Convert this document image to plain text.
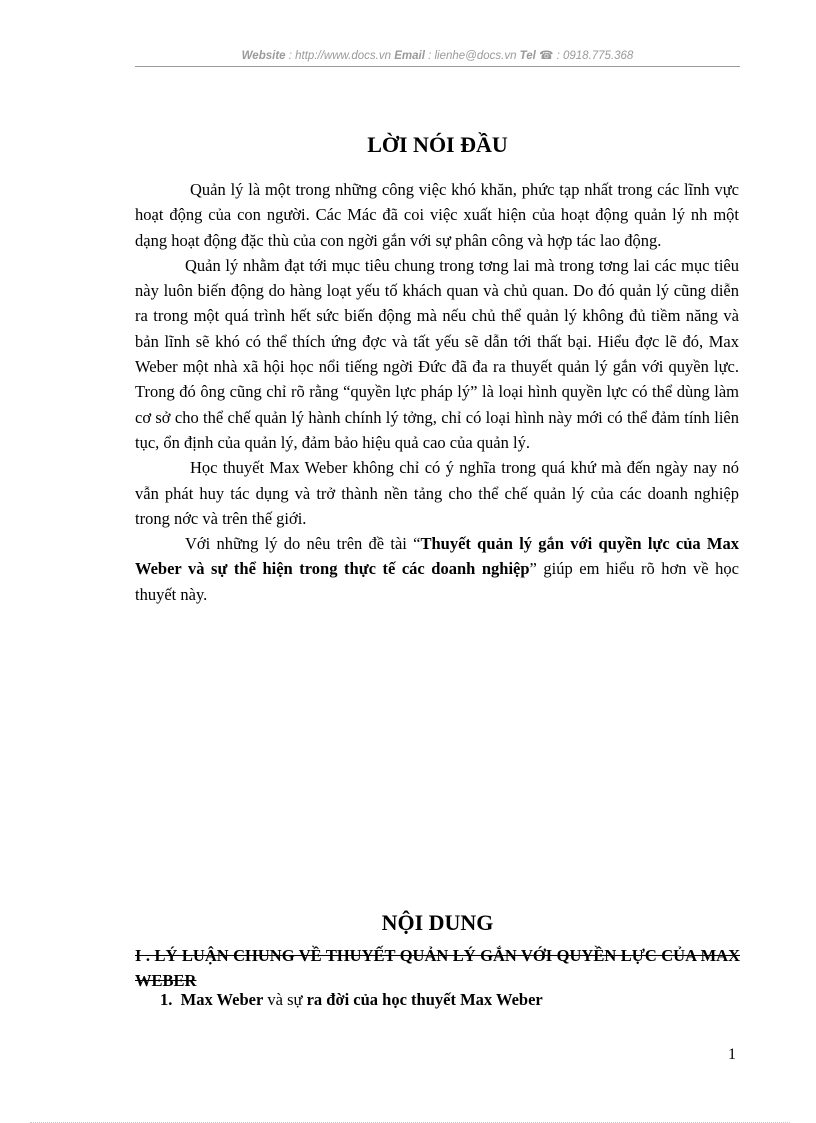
Website : http://www.docs.vn Email : lienhe@docs.vn Tel ☎ : 0918.775.368
LỜI NÓI ĐẦU

Quản lý là một trong những công việc khó khăn, phức tạp nhất trong các lĩnh vực hoạt động của con người. Các Mác đã coi việc xuất hiện của hoạt động quản lý nh một dạng hoạt động đặc thù của con ngời gắn với sự phân công và hợp tác lao động.

Quản lý nhằm đạt tới mục tiêu chung trong tơng lai mà trong tơng lai các mục tiêu này luôn biến động do hàng loạt yếu tố khách quan và chủ quan. Do đó quản lý cũng diễn ra trong một quá trình hết sức biến động mà nếu chủ thể quản lý không đủ tiềm năng và bản lĩnh sẽ khó có thể thích ứng đợc và tất yếu sẽ dẫn tới thất bại. Hiểu đợc lẽ đó, Max Weber một nhà xã hội học nổi tiếng ngời Đức đã đa ra thuyết quản lý gắn với quyền lực. Trong đó ông cũng chỉ rõ rằng “quyền lực pháp lý” là loại hình quyền lực có thể dùng làm cơ sở cho thể chế quản lý hành chính lý tởng, chỉ có loại hình này mới có thể đảm tính liên tục, ổn định của quản lý, đảm bảo hiệu quả cao của quản lý.

Học thuyết Max Weber không chỉ có ý nghĩa trong quá khứ mà đến ngày nay nó vẫn phát huy tác dụng và trở thành nền tảng cho thể chế quản lý của các doanh nghiệp trong nớc và trên thế giới.

Với những lý do nêu trên đề tài “Thuyết quản lý gắn với quyền lực của Max Weber và sự thể hiện trong thực tế các doanh nghiệp” giúp em hiểu rõ hơn về học thuyết này.

NỘI DUNG
I . LÝ LUẬN CHUNG VỀ THUYẾT QUẢN LÝ GẮN VỚI QUYỀN LỰC CỦA MAX WEBER
1. Max Weber và sự ra đời của học thuyết Max Weber
1
